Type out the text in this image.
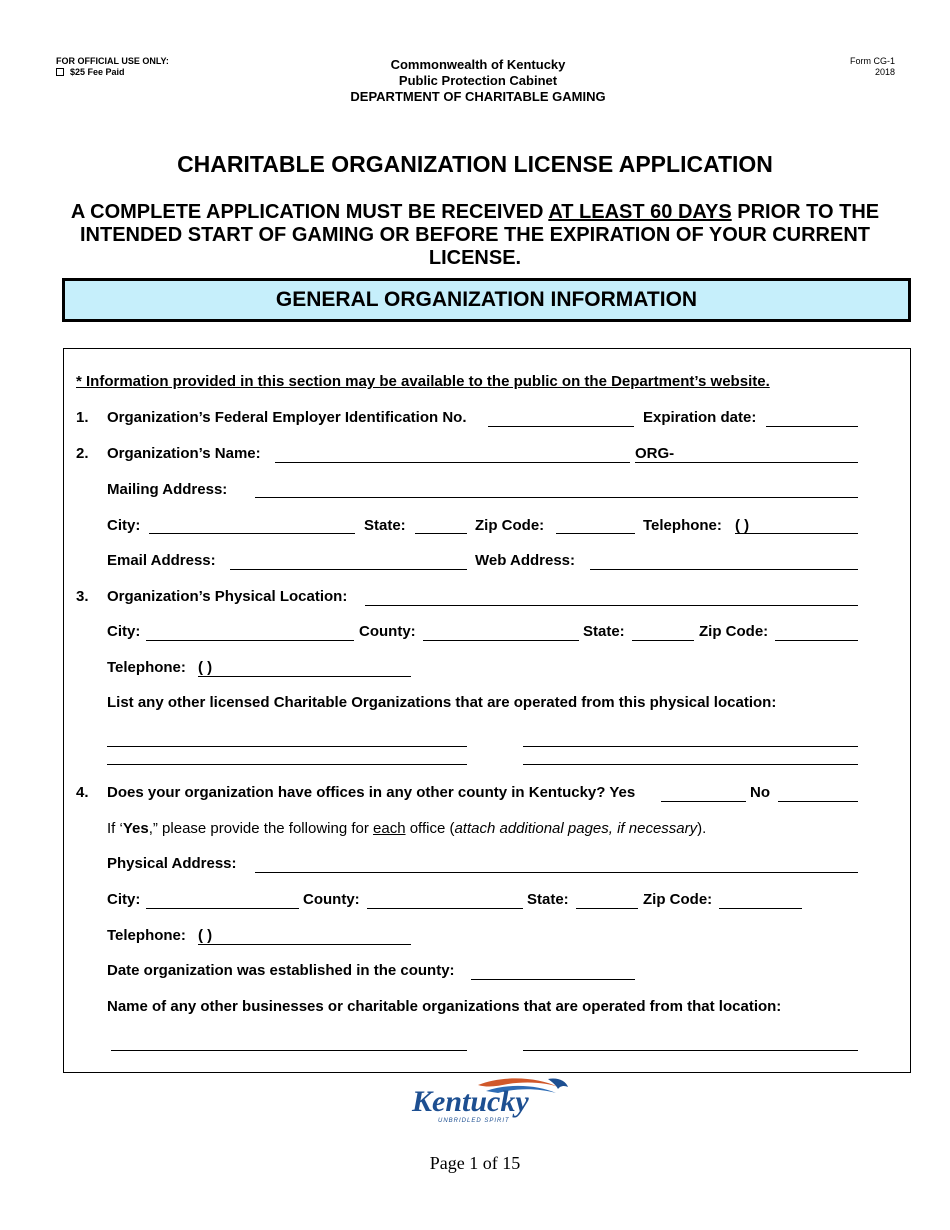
FOR OFFICIAL USE ONLY:
$25 Fee Paid	Commonwealth of Kentucky
Public Protection Cabinet
DEPARTMENT OF CHARITABLE GAMING
Form CG-1
2018
CHARITABLE ORGANIZATION LICENSE APPLICATION
A COMPLETE APPLICATION MUST BE RECEIVED AT LEAST 60 DAYS PRIOR TO THE INTENDED START OF GAMING OR BEFORE THE EXPIRATION OF YOUR CURRENT LICENSE.
GENERAL ORGANIZATION INFORMATION
* Information provided in this section may be available to the public on the Department’s website.
1. Organization’s Federal Employer Identification No.	Expiration date:
2. Organization’s Name:	ORG-
Mailing Address:
City:	State:	Zip Code:	Telephone: ( )
Email Address:	Web Address:
3. Organization’s Physical Location:
City:	County:	State:	Zip Code:
Telephone: ( )
List any other licensed Charitable Organizations that are operated from this physical location:
4. Does your organization have offices in any other county in Kentucky? Yes	No
If ‘Yes,” please provide the following for each office (attach additional pages, if necessary).
Physical Address:
City:	County:	State:	Zip Code:
Telephone: ( )
Date organization was established in the county:
Name of any other businesses or charitable organizations that are operated from that location:
Kentucky
UNBRIDLED SPIRIT
Page 1 of 15
